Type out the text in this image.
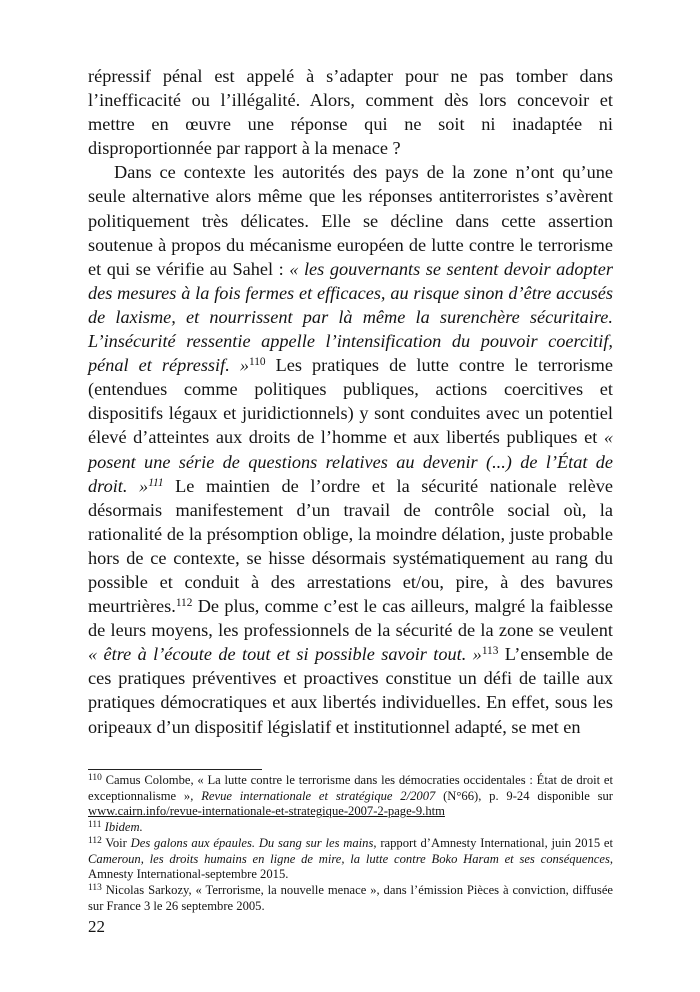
répressif pénal est appelé à s’adapter pour ne pas tomber dans l’inefficacité ou l’illégalité. Alors, comment dès lors concevoir et mettre en œuvre une réponse qui ne soit ni inadaptée ni disproportionnée par rapport à la menace ?

Dans ce contexte les autorités des pays de la zone n’ont qu’une seule alternative alors même que les réponses antiterroristes s’avèrent politiquement très délicates. Elle se décline dans cette assertion soutenue à propos du mécanisme européen de lutte contre le terrorisme et qui se vérifie au Sahel : « les gouvernants se sentent devoir adopter des mesures à la fois fermes et efficaces, au risque sinon d’être accusés de laxisme, et nourrissent par là même la surenchère sécuritaire. L’insécurité ressentie appelle l’intensification du pouvoir coercitif, pénal et répressif. »$^{110}$ Les pratiques de lutte contre le terrorisme (entendues comme politiques publiques, actions coercitives et dispositifs légaux et juridictionnels) y sont conduites avec un potentiel élevé d’atteintes aux droits de l’homme et aux libertés publiques et « posent une série de questions relatives au devenir (...) de l’État de droit. »$^{111}$ Le maintien de l’ordre et la sécurité nationale relève désormais manifestement d’un travail de contrôle social où, la rationalité de la présomption oblige, la moindre délation, juste probable hors de ce contexte, se hisse désormais systématiquement au rang du possible et conduit à des arrestations et/ou, pire, à des bavures meurtrières.$^{112}$ De plus, comme c’est le cas ailleurs, malgré la faiblesse de leurs moyens, les professionnels de la sécurité de la zone se veulent « être à l’écoute de tout et si possible savoir tout. »$^{113}$ L’ensemble de ces pratiques préventives et proactives constitue un défi de taille aux pratiques démocratiques et aux libertés individuelles. En effet, sous les oripeaux d’un dispositif législatif et institutionnel adapté, se met en

$^{110}$ Camus Colombe, « La lutte contre le terrorisme dans les démocraties occidentales : État de droit et exceptionnalisme », Revue internationale et stratégique 2/2007 (N°66), p. 9-24 disponible sur www.cairn.info/revue-internationale-et-strategique-2007-2-page-9.htm

$^{111}$ Ibidem.

$^{112}$ Voir Des galons aux épaules. Du sang sur les mains, rapport d’Amnesty International, juin 2015 et Cameroun, les droits humains en ligne de mire, la lutte contre Boko Haram et ses conséquences, Amnesty International-septembre 2015.

$^{113}$ Nicolas Sarkozy, « Terrorisme, la nouvelle menace », dans l’émission Pièces à conviction, diffusée sur France 3 le 26 septembre 2005.

22
